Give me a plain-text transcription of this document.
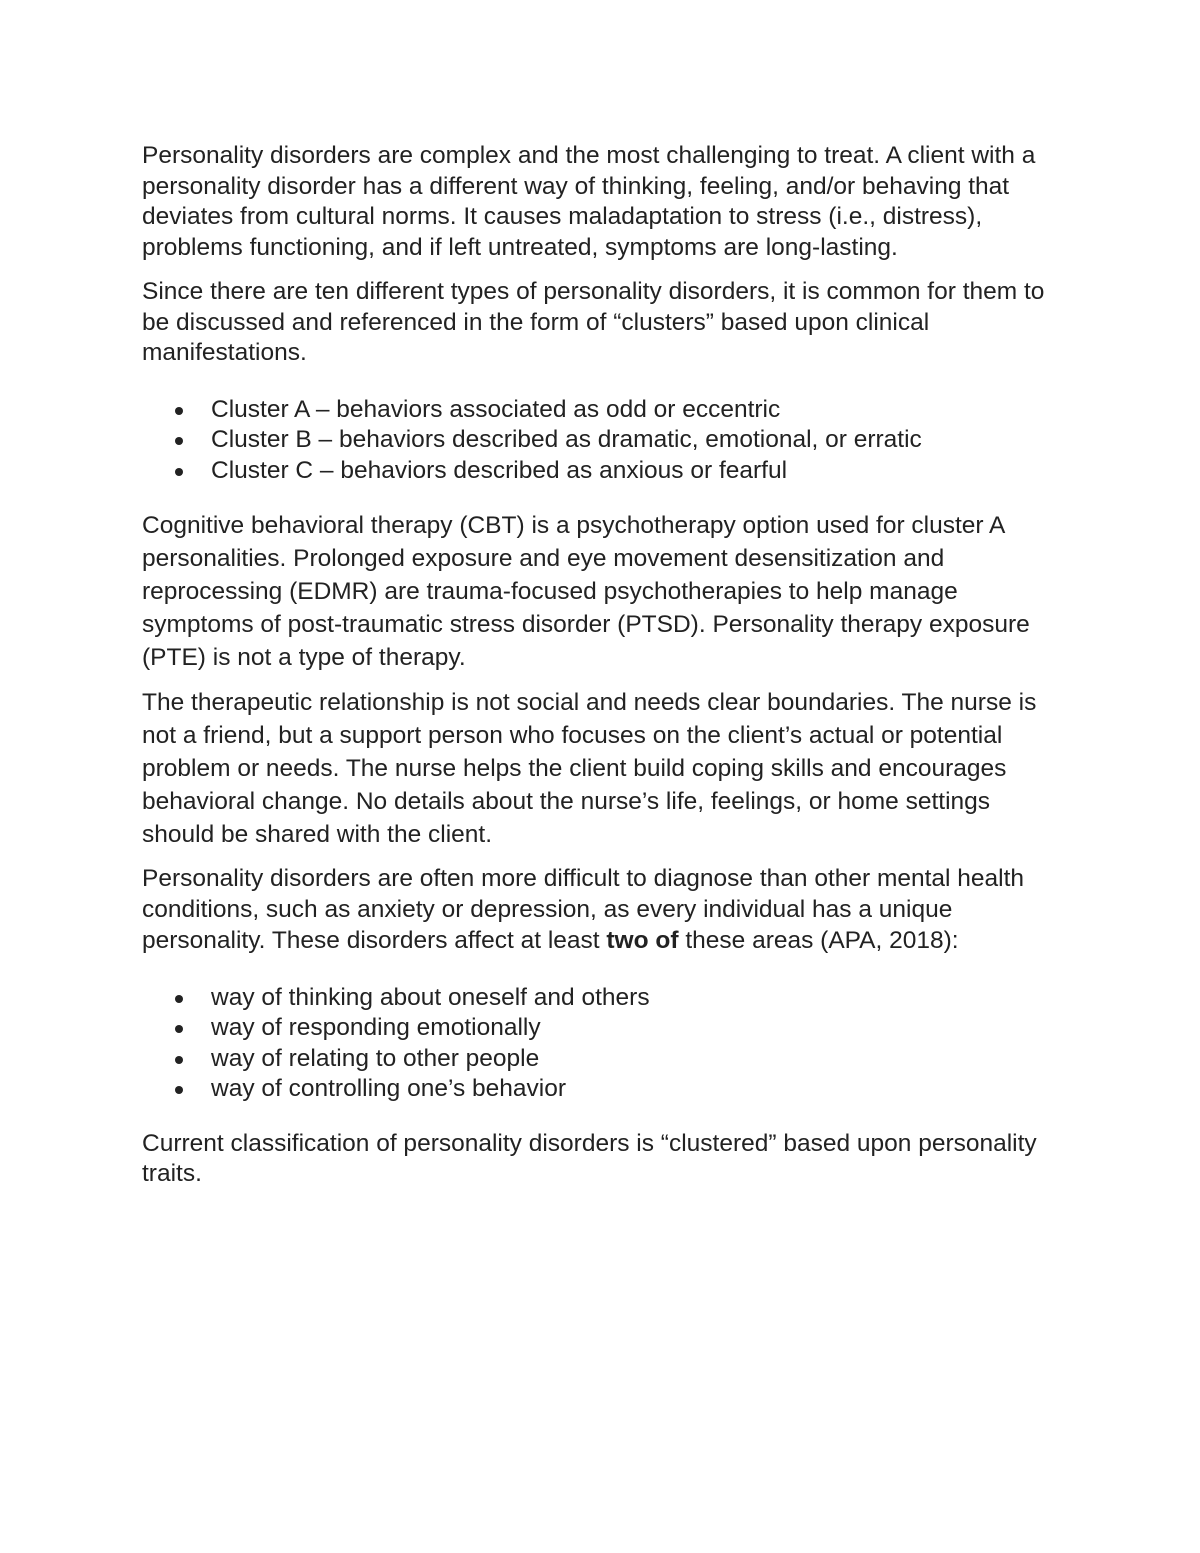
Personality disorders are complex and the most challenging to treat. A client with a personality disorder has a different way of thinking, feeling, and/or behaving that deviates from cultural norms. It causes maladaptation to stress (i.e., distress), problems functioning, and if left untreated, symptoms are long-lasting.

Since there are ten different types of personality disorders, it is common for them to be discussed and referenced in the form of “clusters” based upon clinical manifestations.

Cluster A – behaviors associated as odd or eccentric
Cluster B – behaviors described as dramatic, emotional, or erratic
Cluster C – behaviors described as anxious or fearful

Cognitive behavioral therapy (CBT) is a psychotherapy option used for cluster A personalities. Prolonged exposure and eye movement desensitization and reprocessing (EDMR) are trauma-focused psychotherapies to help manage symptoms of post-traumatic stress disorder (PTSD). Personality therapy exposure (PTE) is not a type of therapy.

The therapeutic relationship is not social and needs clear boundaries. The nurse is not a friend, but a support person who focuses on the client’s actual or potential problem or needs. The nurse helps the client build coping skills and encourages behavioral change. No details about the nurse’s life, feelings, or home settings should be shared with the client.

Personality disorders are often more difficult to diagnose than other mental health conditions, such as anxiety or depression, as every individual has a unique personality. These disorders affect at least two of these areas (APA, 2018):

way of thinking about oneself and others
way of responding emotionally
way of relating to other people
way of controlling one’s behavior

Current classification of personality disorders is “clustered” based upon personality traits.
